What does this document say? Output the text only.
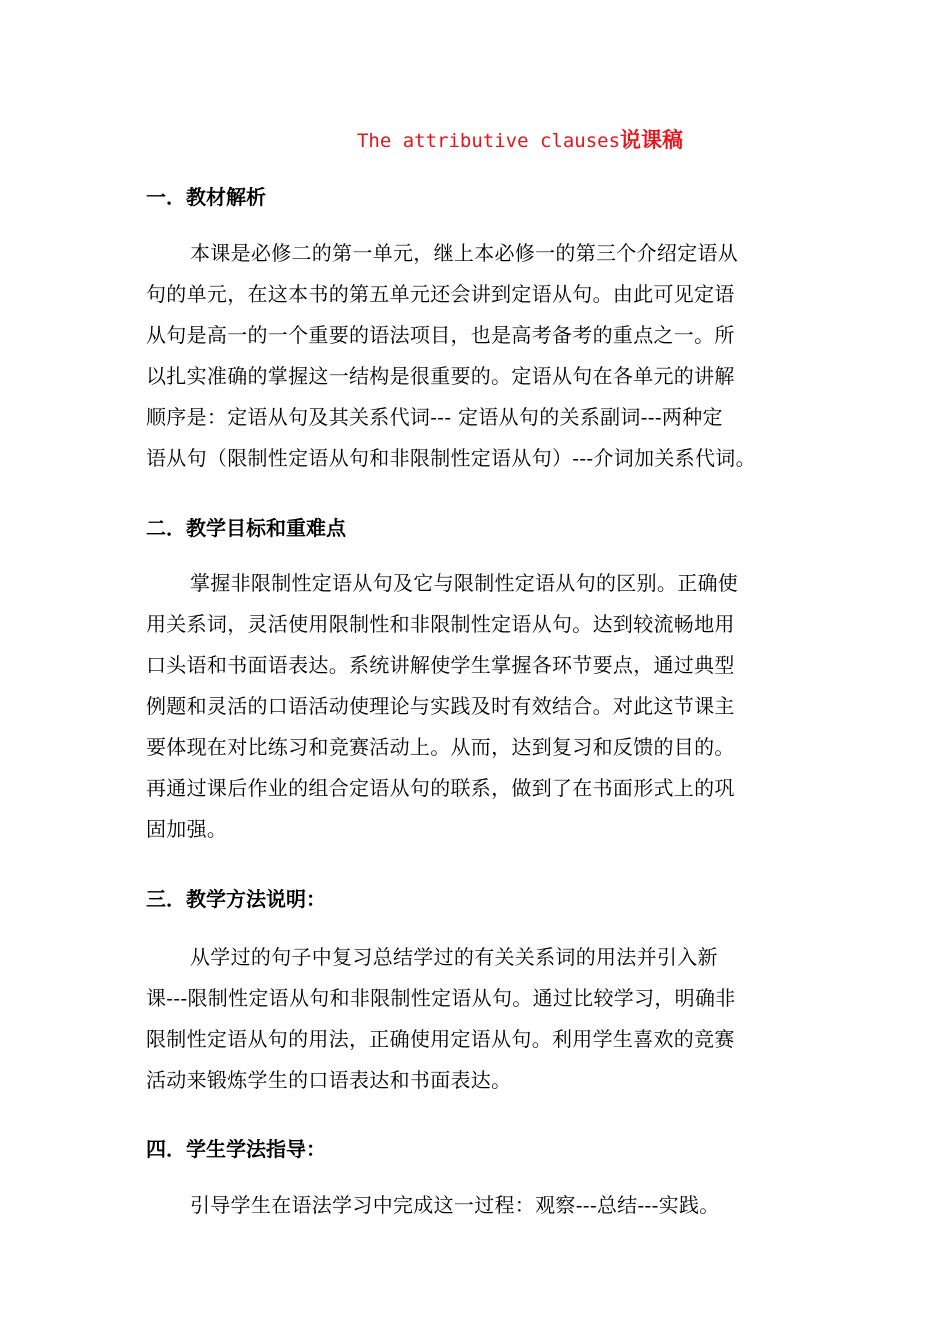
The attributive clauses说课稿
一．教材解析
本课是必修二的第一单元，继上本必修一的第三个介绍定语从
句的单元，在这本书的第五单元还会讲到定语从句。由此可见定语
从句是高一的一个重要的语法项目，也是高考备考的重点之一。所
以扎实准确的掌握这一结构是很重要的。定语从句在各单元的讲解
顺序是：定语从句及其关系代词--- 定语从句的关系副词---两种定
语从句（限制性定语从句和非限制性定语从句）---介词加关系代词。
二．教学目标和重难点
掌握非限制性定语从句及它与限制性定语从句的区别。正确使
用关系词，灵活使用限制性和非限制性定语从句。达到较流畅地用
口头语和书面语表达。系统讲解使学生掌握各环节要点，通过典型
例题和灵活的口语活动使理论与实践及时有效结合。对此这节课主
要体现在对比练习和竞赛活动上。从而，达到复习和反馈的目的。
再通过课后作业的组合定语从句的联系，做到了在书面形式上的巩
固加强。
三．教学方法说明：
从学过的句子中复习总结学过的有关关系词的用法并引入新
课---限制性定语从句和非限制性定语从句。通过比较学习，明确非
限制性定语从句的用法，正确使用定语从句。利用学生喜欢的竞赛
活动来锻炼学生的口语表达和书面表达。
四．学生学法指导：
引导学生在语法学习中完成这一过程：观察---总结---实践。
